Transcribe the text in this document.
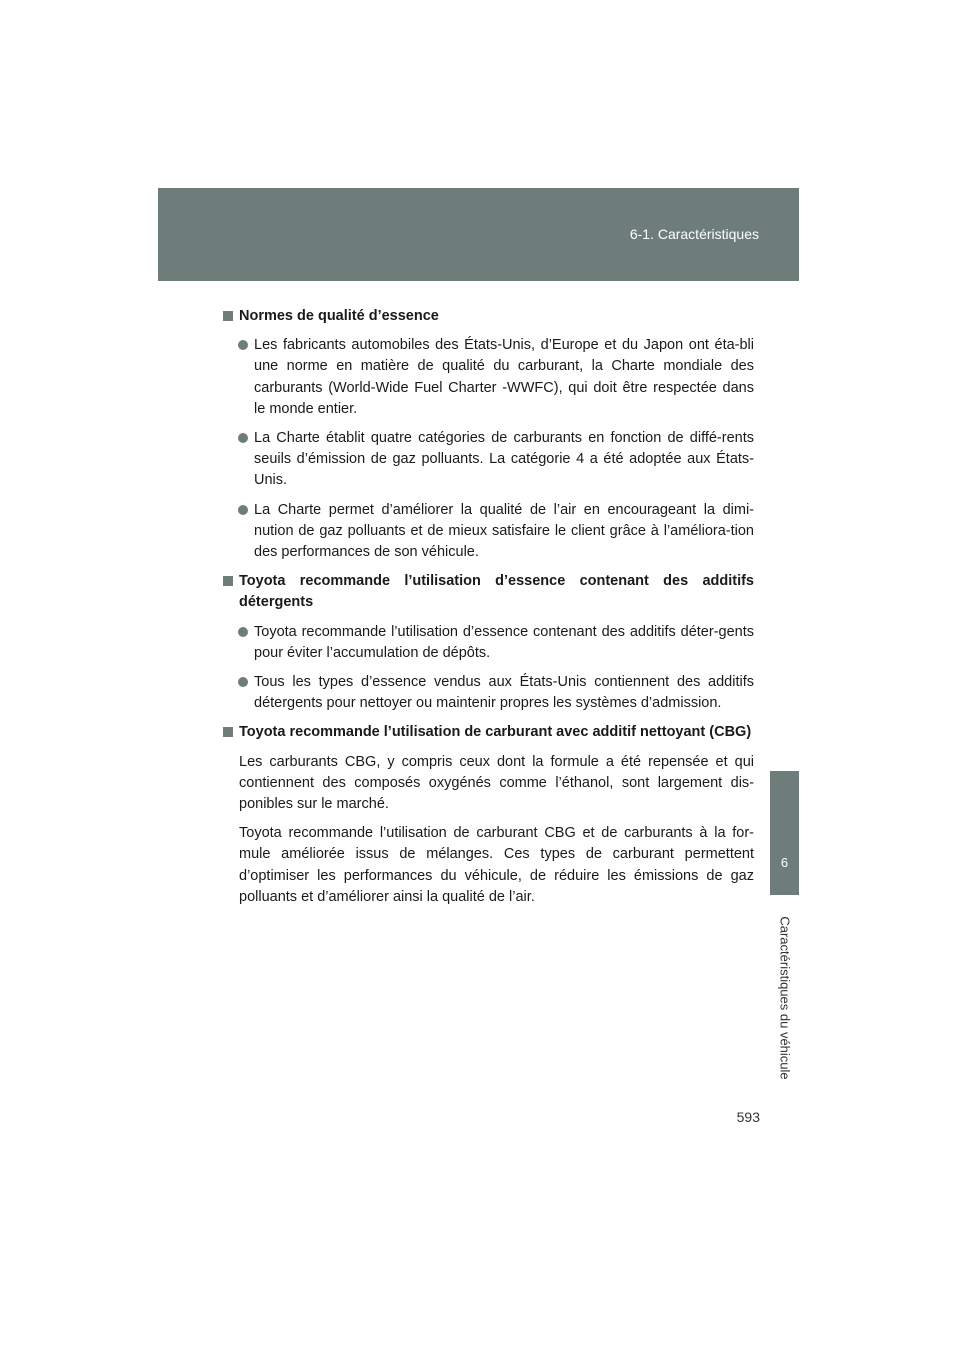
6-1. Caractéristiques
6
Caractéristiques du véhicule
Normes de qualité d’essence
Les fabricants automobiles des États-Unis, d’Europe et du Japon ont éta-bli une norme en matière de qualité du carburant, la Charte mondiale des carburants (World-Wide Fuel Charter -WWFC), qui doit être respectée dans le monde entier.
La Charte établit quatre catégories de carburants en fonction de diffé-rents seuils d’émission de gaz polluants. La catégorie 4 a été adoptée aux États-Unis.
La Charte permet d’améliorer la qualité de l’air en encourageant la dimi-nution de gaz polluants et de mieux satisfaire le client grâce à l’améliora-tion des performances de son véhicule.
Toyota recommande l’utilisation d’essence contenant des additifs détergents
Toyota recommande l’utilisation d’essence contenant des additifs déter-gents pour éviter l’accumulation de dépôts.
Tous les types d’essence vendus aux États-Unis contiennent des additifs détergents pour nettoyer ou maintenir propres les systèmes d’admission.
Toyota recommande l’utilisation de carburant avec additif nettoyant (CBG)
Les carburants CBG, y compris ceux dont la formule a été repensée et qui contiennent des composés oxygénés comme l’éthanol, sont largement dis-ponibles sur le marché.
Toyota recommande l’utilisation de carburant CBG et de carburants à la for-mule améliorée issus de mélanges. Ces types de carburant permettent d’optimiser les performances du véhicule, de réduire les émissions de gaz polluants et d’améliorer ainsi la qualité de l’air.
593
